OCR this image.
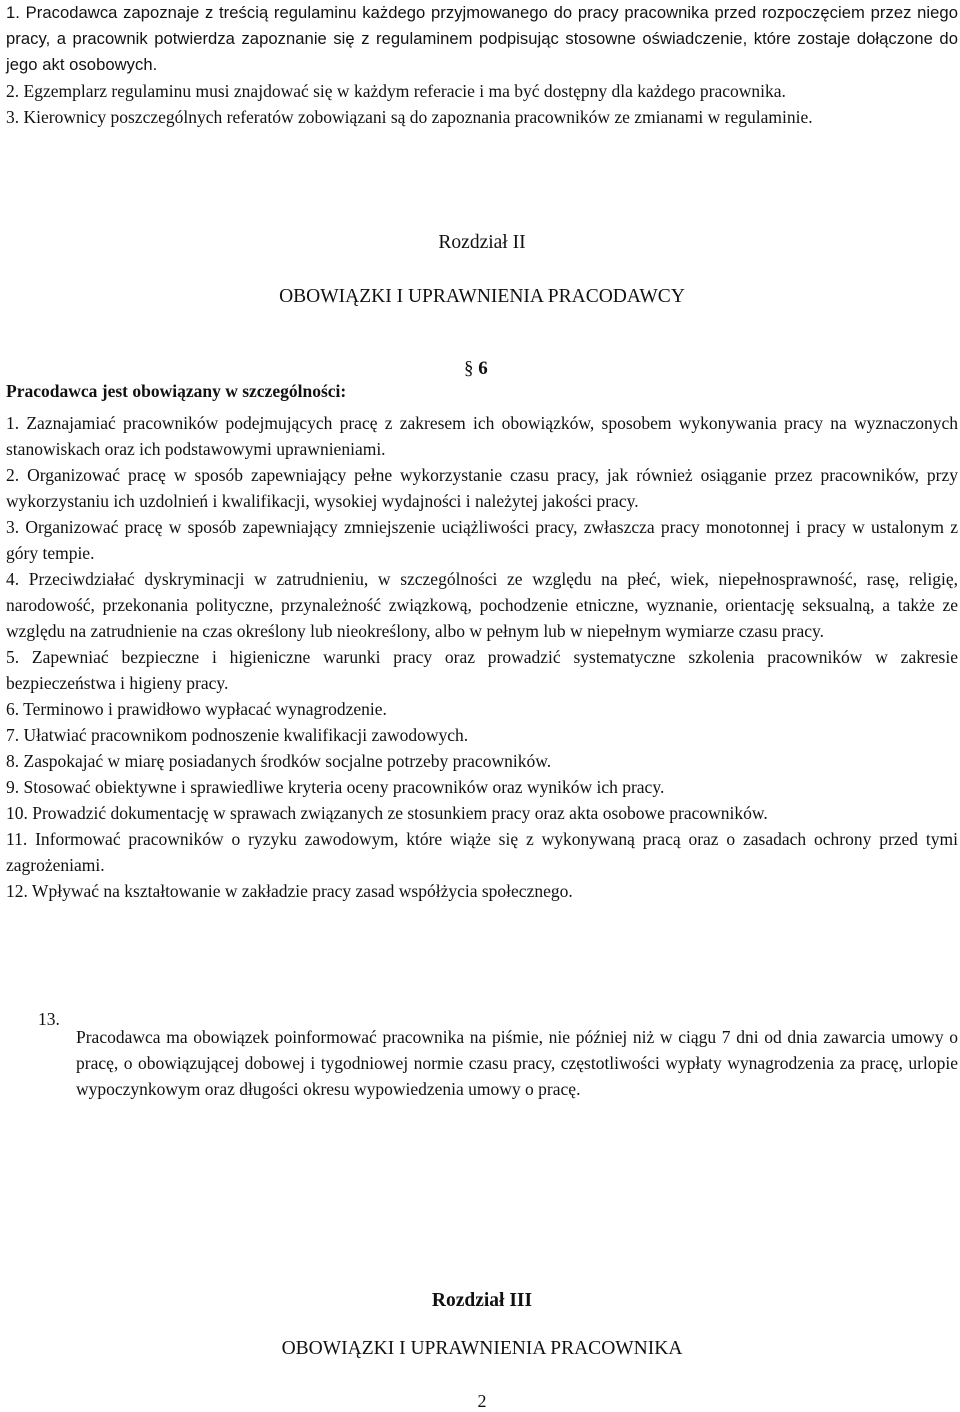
1. Pracodawca zapoznaje z treścią regulaminu każdego przyjmowanego do pracy pracownika przed rozpoczęciem przez niego pracy, a pracownik potwierdza zapoznanie się z regulaminem podpisując stosowne oświadczenie, które zostaje dołączone do jego akt osobowych.

2. Egzemplarz regulaminu musi znajdować się w każdym referacie i ma być dostępny dla każdego pracownika.

3. Kierownicy poszczególnych referatów zobowiązani są do zapoznania pracowników ze zmianami w regulaminie.

Rozdział II
OBOWIĄZKI I UPRAWNIENIA PRACODAWCY
§ 6
Pracodawca jest obowiązany w szczególności:

1. Zaznajamiać pracowników podejmujących pracę z zakresem ich obowiązków, sposobem wykonywania pracy na wyznaczonych stanowiskach oraz ich podstawowymi uprawnieniami.

2. Organizować pracę w sposób zapewniający pełne wykorzystanie czasu pracy, jak również osiąganie przez pracowników, przy wykorzystaniu ich uzdolnień i kwalifikacji, wysokiej wydajności i należytej jakości pracy.

3. Organizować pracę w sposób zapewniający zmniejszenie uciążliwości pracy, zwłaszcza pracy monotonnej i pracy w ustalonym z góry tempie.

4. Przeciwdziałać dyskryminacji w zatrudnieniu, w szczególności ze względu na płeć, wiek, niepełnosprawność, rasę, religię, narodowość, przekonania polityczne, przynależność związkową, pochodzenie etniczne, wyznanie, orientację seksualną, a także ze względu na zatrudnienie na czas określony lub nieokreślony, albo w pełnym lub w niepełnym wymiarze czasu pracy.

5. Zapewniać bezpieczne i higieniczne warunki pracy oraz prowadzić systematyczne szkolenia pracowników w zakresie bezpieczeństwa i higieny pracy.

6. Terminowo i prawidłowo wypłacać wynagrodzenie.

7. Ułatwiać pracownikom podnoszenie kwalifikacji zawodowych.

8. Zaspokajać w miarę posiadanych środków socjalne potrzeby pracowników.

9. Stosować obiektywne i sprawiedliwe kryteria oceny pracowników oraz wyników ich pracy.

10. Prowadzić dokumentację w sprawach związanych ze stosunkiem pracy oraz akta osobowe pracowników.

11. Informować pracowników o ryzyku zawodowym, które wiąże się z wykonywaną pracą oraz o zasadach ochrony przed tymi zagrożeniami.

12. Wpływać na kształtowanie w zakładzie pracy zasad współżycia społecznego.

13.

Pracodawca ma obowiązek poinformować pracownika na piśmie, nie później niż w ciągu 7 dni od dnia zawarcia umowy o pracę, o obowiązującej dobowej i tygodniowej normie czasu pracy, częstotliwości wypłaty wynagrodzenia za pracę, urlopie wypoczynkowym oraz długości okresu wypowiedzenia umowy o pracę.

Rozdział III
OBOWIĄZKI I UPRAWNIENIA PRACOWNIKA
2
